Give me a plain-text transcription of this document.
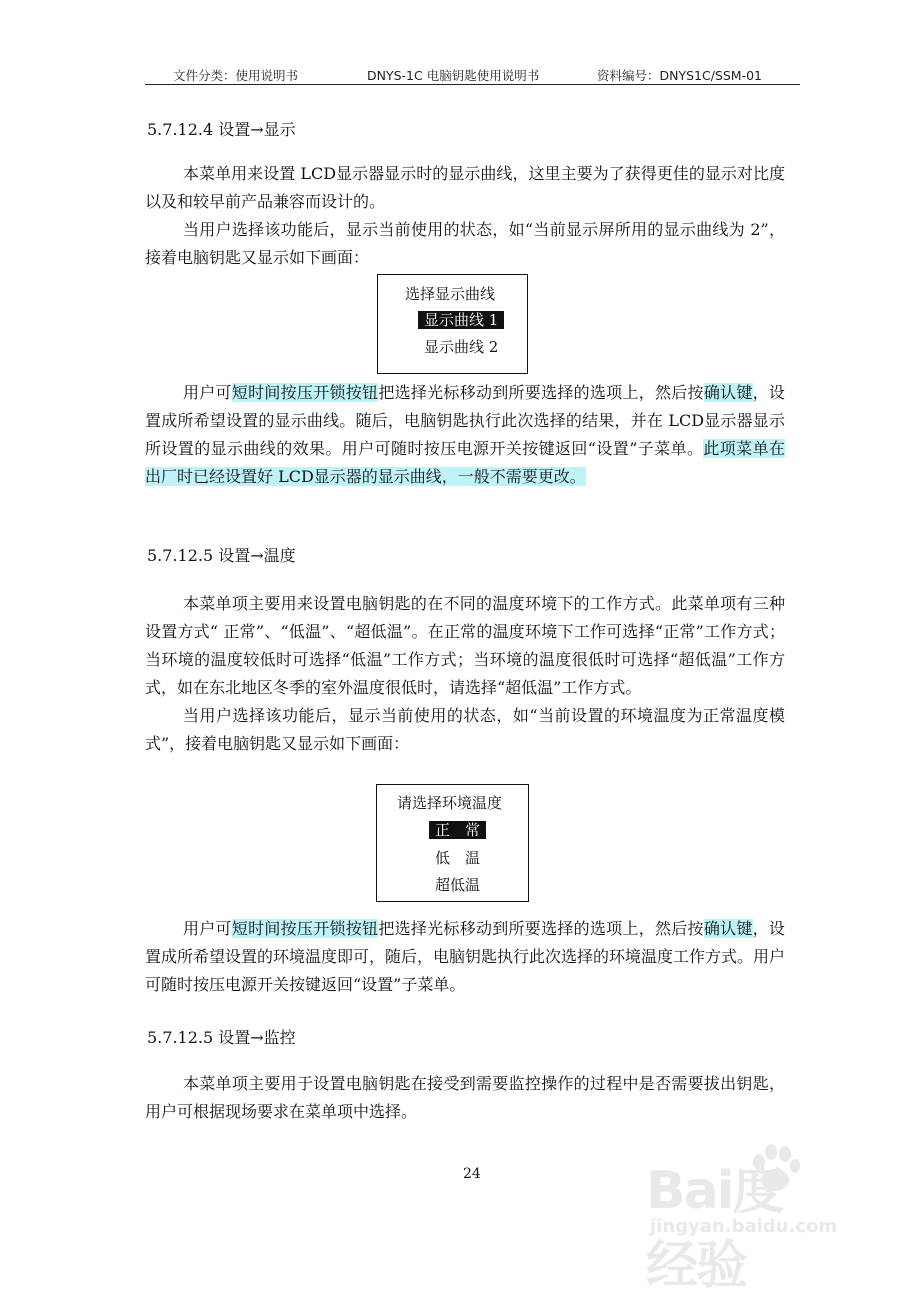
文件分类：使用说明书	DNYS-1C 电脑钥匙使用说明书	资料编号：DNYS1C/SSM-01
5.7.12.4 设置→显示

本菜单用来设置 LCD显示器显示时的显示曲线，这里主要为了获得更佳的显示对比度以及和较早前产品兼容而设计的。

当用户选择该功能后，显示当前使用的状态，如“当前显示屏所用的显示曲线为 2”，接着电脑钥匙又显示如下画面：

选择显示曲线
显示曲线 1
显示曲线 2

用户可短时间按压开锁按钮把选择光标移动到所要选择的选项上，然后按确认键，设置成所希望设置的显示曲线。随后，电脑钥匙执行此次选择的结果，并在 LCD显示器显示所设置的显示曲线的效果。用户可随时按压电源开关按键返回“设置”子菜单。此项菜单在出厂时已经设置好 LCD显示器的显示曲线，一般不需要更改。

5.7.12.5 设置→温度

本菜单项主要用来设置电脑钥匙的在不同的温度环境下的工作方式。此菜单项有三种设置方式“ 正常”、“低温”、“超低温”。在正常的温度环境下工作可选择“正常”工作方式；当环境的温度较低时可选择“低温”工作方式；当环境的温度很低时可选择“超低温”工作方式，如在东北地区冬季的室外温度很低时，请选择“超低温”工作方式。

当用户选择该功能后，显示当前使用的状态，如“当前设置的环境温度为正常温度模式”，接着电脑钥匙又显示如下画面：

请选择环境温度
正　常
低　温
超低温

用户可短时间按压开锁按钮把选择光标移动到所要选择的选项上，然后按确认键，设置成所希望设置的环境温度即可，随后，电脑钥匙执行此次选择的环境温度工作方式。用户可随时按压电源开关按键返回“设置”子菜单。

5.7.12.5 设置→监控

本菜单项主要用于设置电脑钥匙在接受到需要监控操作的过程中是否需要拔出钥匙，用户可根据现场要求在菜单项中选择。

24	Bai度经验
jingyan.baidu.com
